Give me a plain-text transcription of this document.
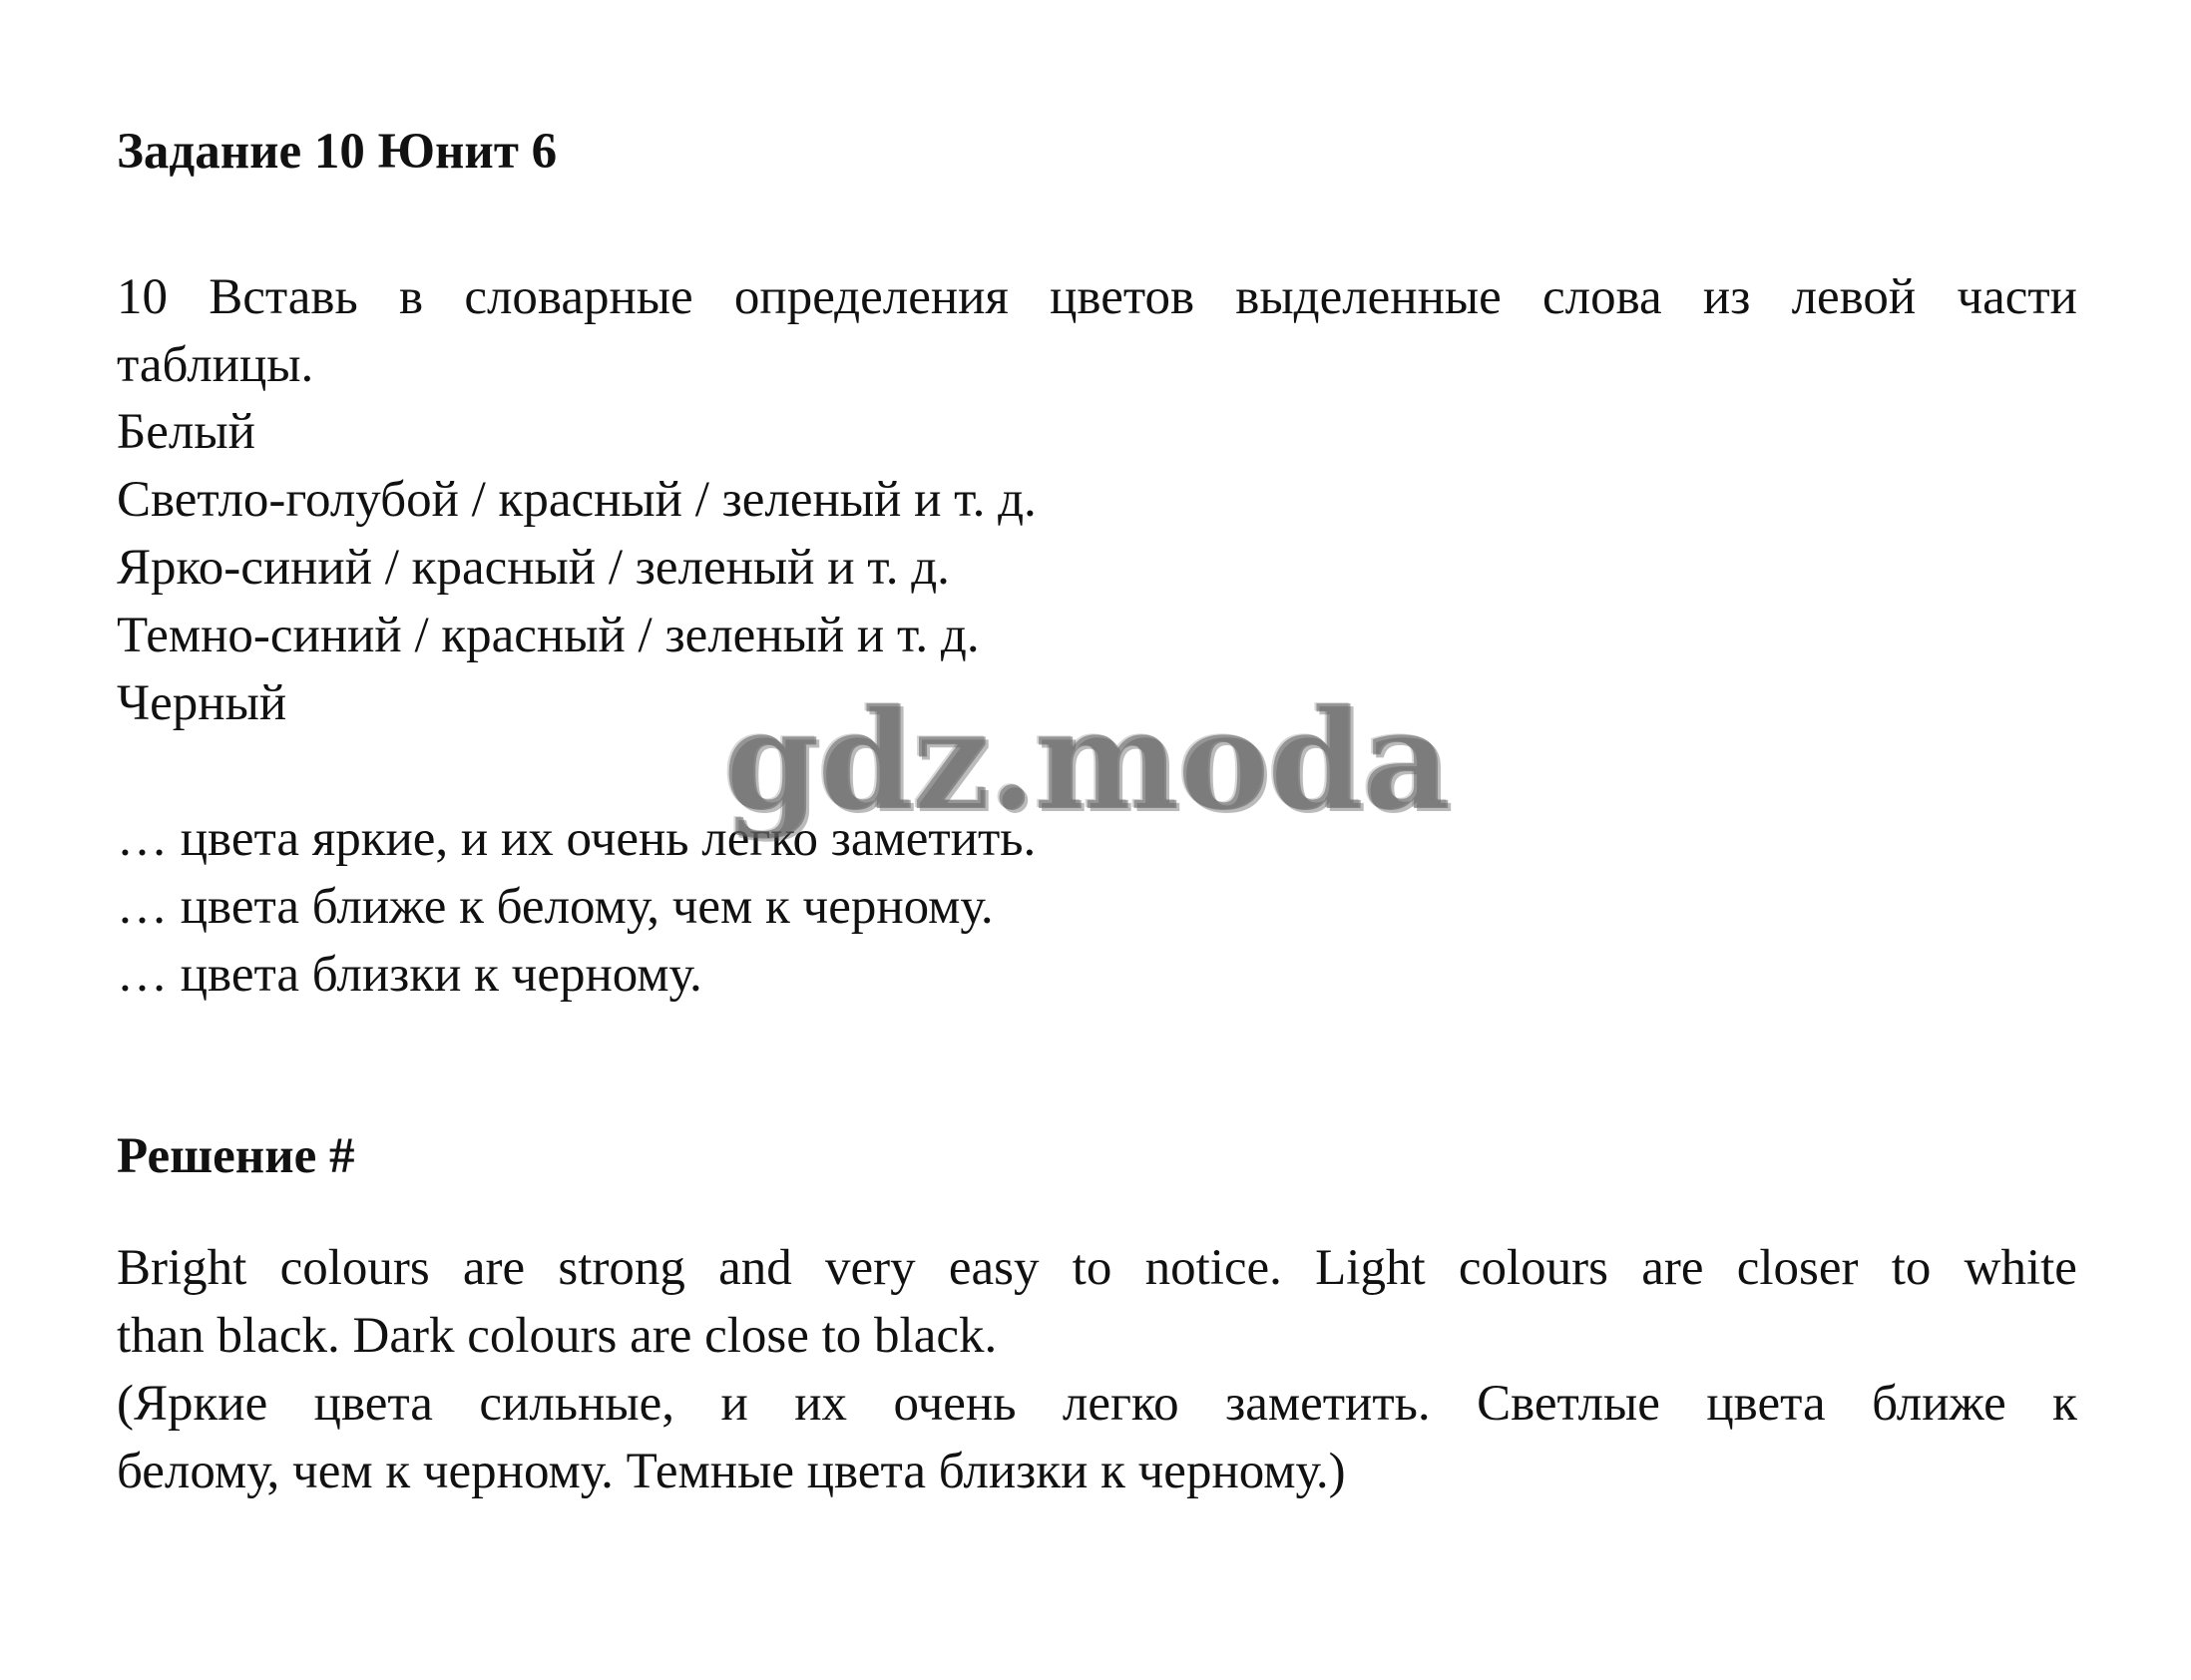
Задание 10 Юнит 6
10 Вставь в словарные определения цветов выделенные слова из левой части
таблицы.
Белый
Светло-голубой / красный / зеленый и т. д.
Ярко-синий / красный / зеленый и т. д.
Темно-синий / красный / зеленый и т. д.
Черный
… цвета яркие, и их очень легко заметить.
… цвета ближе к белому, чем к черному.
… цвета близки к черному.
Решение #
Bright colours are strong and very easy to notice. Light colours are closer to white
than black. Dark colours are close to black.
(Яркие цвета сильные, и их очень легко заметить. Светлые цвета ближе к
белому, чем к черному. Темные цвета близки к черному.)
gdz.moda
